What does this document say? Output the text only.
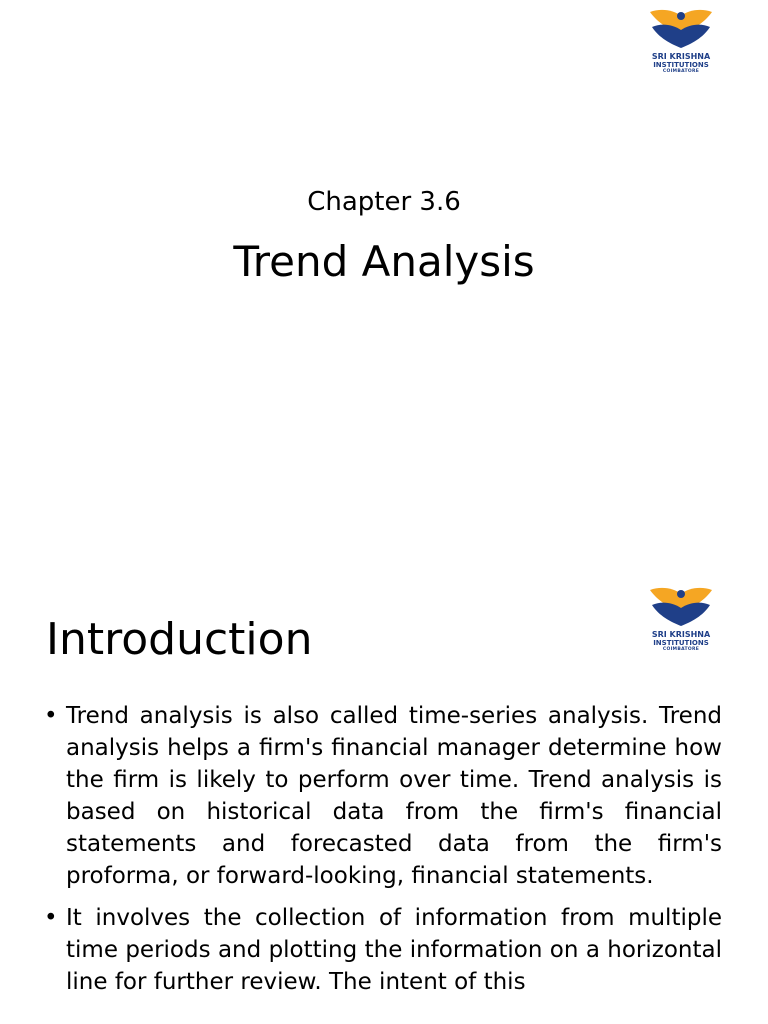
SRI KRISHNA
INSTITUTIONS
COIMBATORE
Chapter 3.6
Trend Analysis
SRI KRISHNA
INSTITUTIONS
COIMBATORE
Introduction
• Trend analysis is also called time-series analysis. Trend analysis helps a firm's financial manager determine how the firm is likely to perform over time. Trend analysis is based on historical data from the firm's financial statements and forecasted data from the firm's proforma, or forward-looking, financial statements.
• It involves the collection of information from multiple time periods and plotting the information on a horizontal line for further review. The intent of this
